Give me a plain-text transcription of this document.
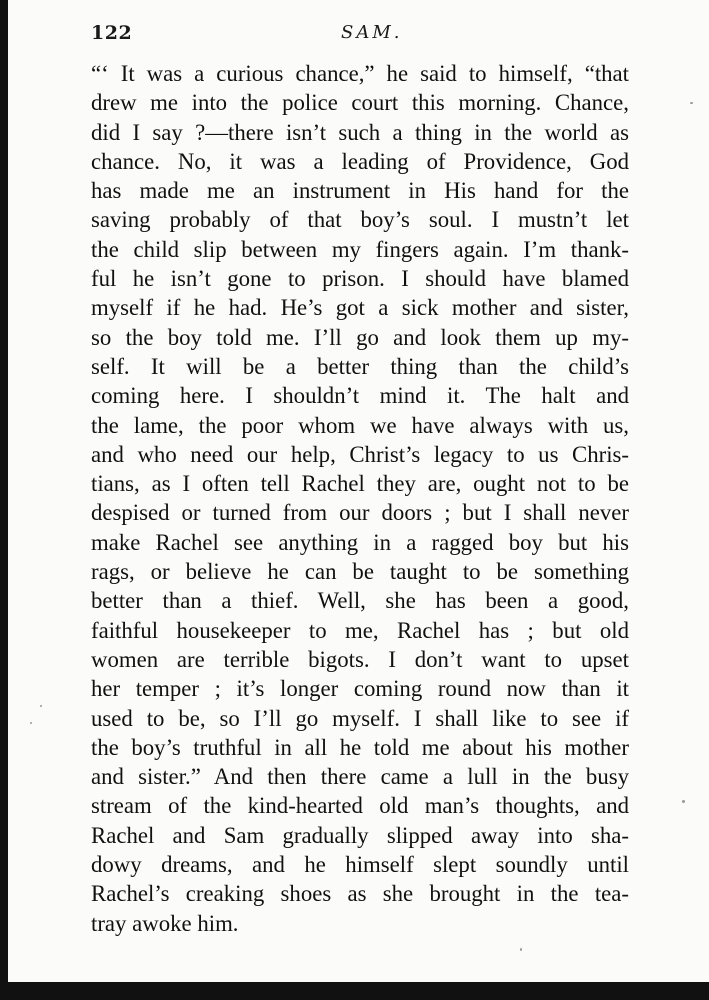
122	SAM.
“‘ It was a curious chance,” he said to himself, “that
drew me into the police court this morning. Chance,
did I say ?—there isn’t such a thing in the world as
chance. No, it was a leading of Providence, God
has made me an instrument in His hand for the
saving probably of that boy’s soul. I mustn’t let
the child slip between my fingers again. I’m thank-
ful he isn’t gone to prison. I should have blamed
myself if he had. He’s got a sick mother and sister,
so the boy told me. I’ll go and look them up my-
self. It will be a better thing than the child’s
coming here. I shouldn’t mind it. The halt and
the lame, the poor whom we have always with us,
and who need our help, Christ’s legacy to us Chris-
tians, as I often tell Rachel they are, ought not to be
despised or turned from our doors ; but I shall never
make Rachel see anything in a ragged boy but his
rags, or believe he can be taught to be something
better than a thief. Well, she has been a good,
faithful housekeeper to me, Rachel has ; but old
women are terrible bigots. I don’t want to upset
her temper ; it’s longer coming round now than it
used to be, so I’ll go myself. I shall like to see if
the boy’s truthful in all he told me about his mother
and sister.” And then there came a lull in the busy
stream of the kind-hearted old man’s thoughts, and
Rachel and Sam gradually slipped away into sha-
dowy dreams, and he himself slept soundly until
Rachel’s creaking shoes as she brought in the tea-
tray awoke him.
